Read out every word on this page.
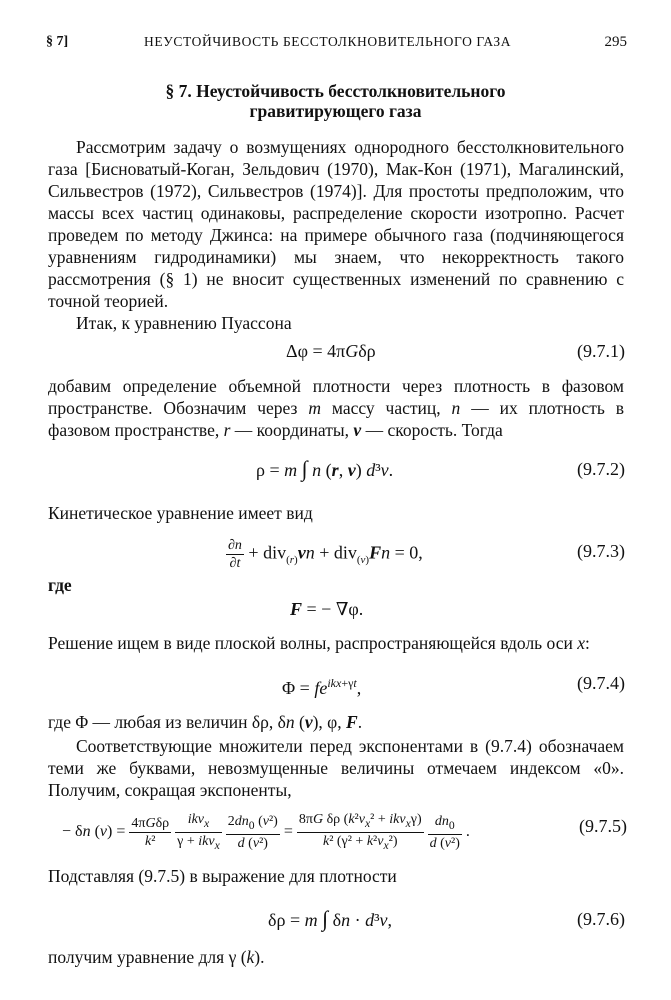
§ 7]	НЕУСТОЙЧИВОСТЬ БЕССТОЛКНОВИТЕЛЬНОГО ГАЗА	295
§ 7. Неустойчивость бесстолкновительного
гравитирующего газа
Рассмотрим задачу о возмущениях однородного бесстолкновительного газа [Бисноватый-Коган, Зельдович (1970), Мак-Кон (1971), Магалинский, Сильвестров (1972), Сильвестров (1974)]. Для простоты предположим, что массы всех частиц одинаковы, распределение скорости изотропно. Расчет проведем по методу Джинса: на примере обычного газа (подчиняющегося уравнениям гидродинамики) мы знаем, что некорректность такого рассмотрения (§ 1) не вносит существенных изменений по сравнению с точной теорией.
Итак, к уравнению Пуассона
Δφ = 4πGδρ	(9.7.1)
добавим определение объемной плотности через плотность в фазовом пространстве. Обозначим через m массу частиц, n — их плотность в фазовом пространстве, r — координаты, v — скорость. Тогда
ρ = m ∫ n (r, v) d³v.	(9.7.2)
Кинетическое уравнение имеет вид
$\frac{\partial n}{\partial t} + div_{(r)}vn + div_{(v)}Fn = 0$,	(9.7.3)
где
F = − ∇φ.
Решение ищем в виде плоской волны, распространяющейся вдоль оси x:
$\Phi = fe^{ikx+\gamma t}$,	(9.7.4)
где Φ — любая из величин δρ, δn (v), φ, F.
Соответствующие множители перед экспонентами в (9.7.4) обозначаем теми же буквами, невозмущенные величины отмечаем индексом «0». Получим, сокращая экспоненты,
− δn $(v) = \frac{\text{4πGδρ}}{\text{k²}}$
$\frac{ikv_x}{\gamma + ikv_x}$
$\frac{2dn_0 (v^2)}{\text{d (v²)}} = \frac{8\pi G \delta\rho (k^2v_x^2 + ikv_x\gamma)}{k^2 (\gamma^2 + k^2v_x^2)}$
$\frac{dn_0}{\text{d (v²)}}$ .	(9.7.5)
Подставляя (9.7.5) в выражение для плотности
δρ = m ∫ δn · d³v,	(9.7.6)
получим уравнение для γ (k).
